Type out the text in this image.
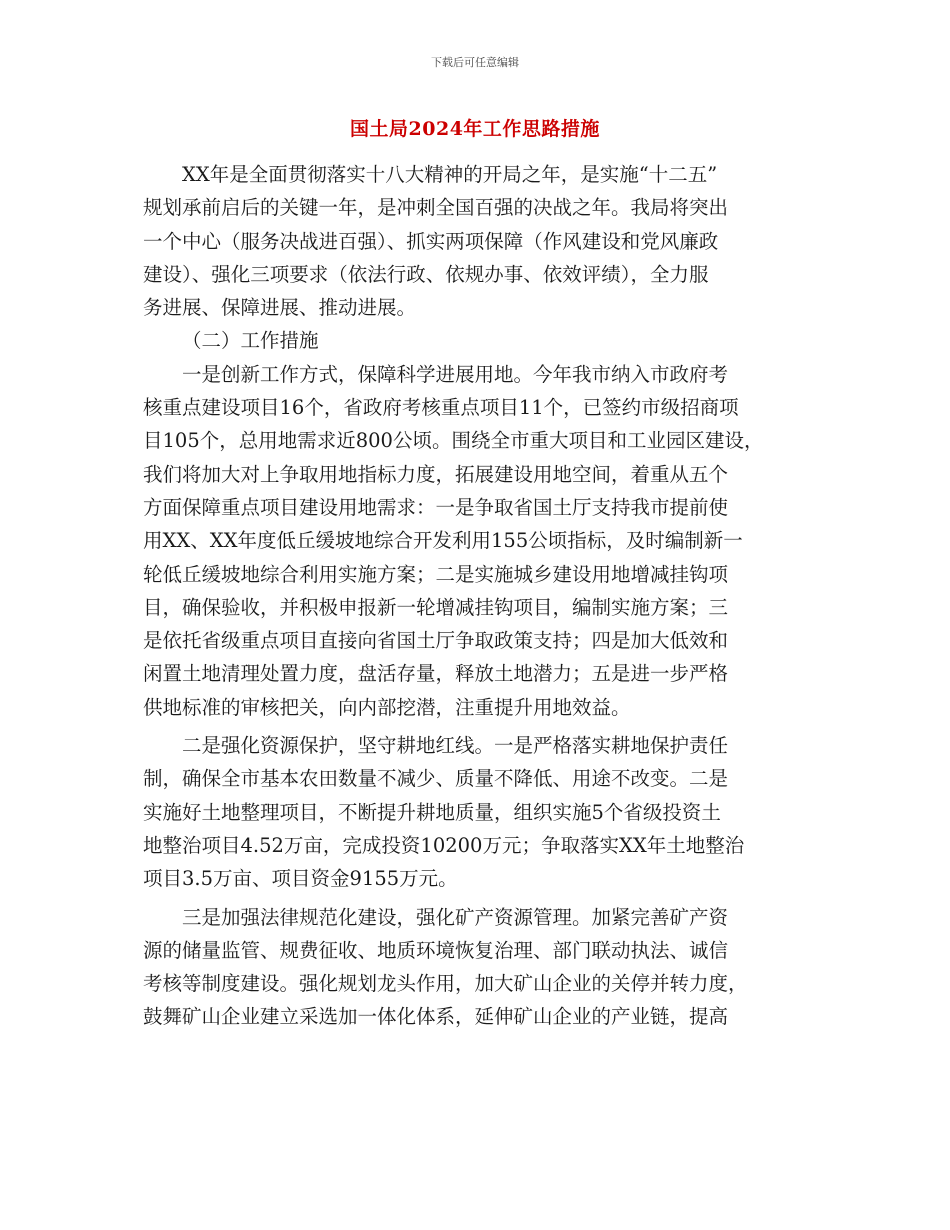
下载后可任意编辑
国土局2024年工作思路措施
XX年是全面贯彻落实十八大精神的开局之年，是实施“十二五”
规划承前启后的关键一年，是冲刺全国百强的决战之年。我局将突出
一个中心（服务决战进百强）、抓实两项保障（作风建设和党风廉政
建设）、强化三项要求（依法行政、依规办事、依效评绩），全力服
务进展、保障进展、推动进展。
（二）工作措施
一是创新工作方式，保障科学进展用地。今年我市纳入市政府考
核重点建设项目16个，省政府考核重点项目11个，已签约市级招商项
目105个，总用地需求近800公顷。围绕全市重大项目和工业园区建设，
我们将加大对上争取用地指标力度，拓展建设用地空间，着重从五个
方面保障重点项目建设用地需求：一是争取省国土厅支持我市提前使
用XX、XX年度低丘缓坡地综合开发利用155公顷指标，及时编制新一
轮低丘缓坡地综合利用实施方案；二是实施城乡建设用地增减挂钩项
目，确保验收，并积极申报新一轮增减挂钩项目，编制实施方案；三
是依托省级重点项目直接向省国土厅争取政策支持；四是加大低效和
闲置土地清理处置力度，盘活存量，释放土地潜力；五是进一步严格
供地标准的审核把关，向内部挖潜，注重提升用地效益。
二是强化资源保护，坚守耕地红线。一是严格落实耕地保护责任
制，确保全市基本农田数量不减少、质量不降低、用途不改变。二是
实施好土地整理项目，不断提升耕地质量，组织实施5个省级投资土
地整治项目4.52万亩，完成投资10200万元；争取落实XX年土地整治
项目3.5万亩、项目资金9155万元。
三是加强法律规范化建设，强化矿产资源管理。加紧完善矿产资
源的储量监管、规费征收、地质环境恢复治理、部门联动执法、诚信
考核等制度建设。强化规划龙头作用，加大矿山企业的关停并转力度，
鼓舞矿山企业建立采选加一体化体系，延伸矿山企业的产业链，提高
